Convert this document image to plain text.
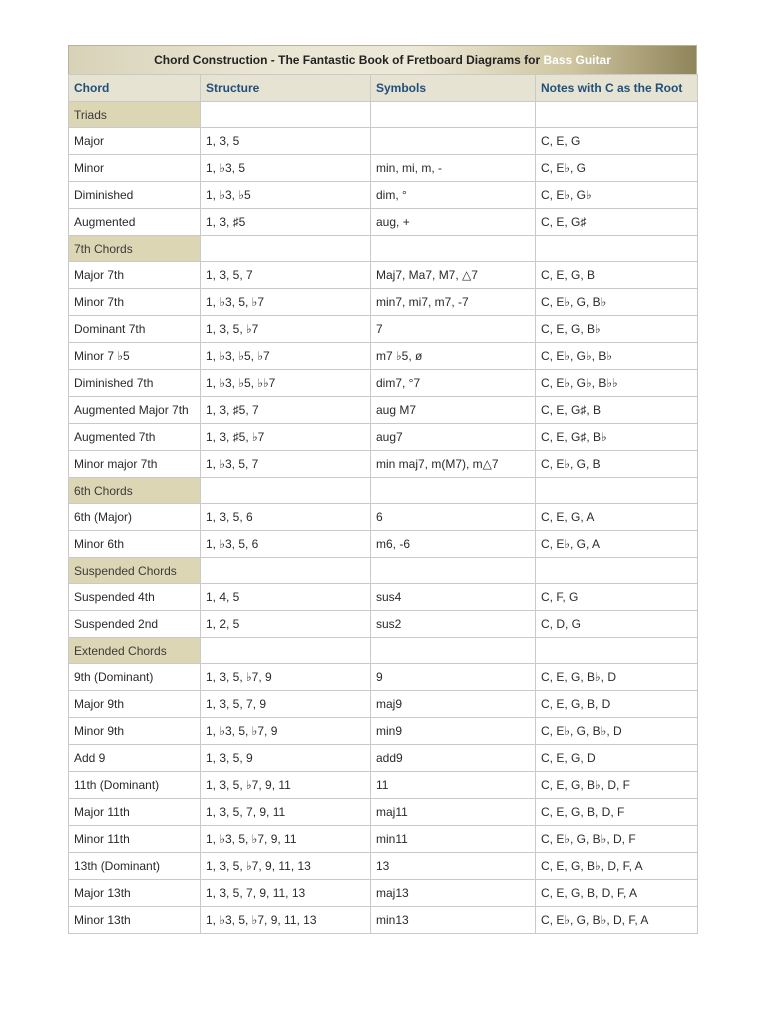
Chord Construction - The Fantastic Book of Fretboard Diagrams for Bass Guitar
Chord	Structure	Symbols	Notes with C as the Root
Triads			
Major	1, 3, 5		C, E, G
Minor	1, ♭3, 5	min, mi, m, -	C, E♭, G
Diminished	1, ♭3, ♭5	dim, °	C, E♭, G♭
Augmented	1, 3, ♯5	aug, +	C, E, G♯
7th Chords			
Major 7th	1, 3, 5, 7	Maj7, Ma7, M7, △7	C, E, G, B
Minor 7th	1, ♭3, 5, ♭7	min7, mi7, m7, -7	C, E♭, G, B♭
Dominant 7th	1, 3, 5, ♭7	7	C, E, G, B♭
Minor 7 ♭5	1, ♭3, ♭5, ♭7	m7 ♭5, ø	C, E♭, G♭, B♭
Diminished 7th	1, ♭3, ♭5, ♭♭7	dim7, °7	C, E♭, G♭, B♭♭
Augmented Major 7th	1, 3, ♯5, 7	aug M7	C, E, G♯, B
Augmented 7th	1, 3, ♯5, ♭7	aug7	C, E, G♯, B♭
Minor major 7th	1, ♭3, 5, 7	min maj7, m(M7), m△7	C, E♭, G, B
6th Chords			
6th (Major)	1, 3, 5, 6	6	C, E, G, A
Minor 6th	1, ♭3, 5, 6	m6, -6	C, E♭, G, A
Suspended Chords			
Suspended 4th	1, 4, 5	sus4	C, F, G
Suspended 2nd	1, 2, 5	sus2	C, D, G
Extended Chords			
9th (Dominant)	1, 3, 5, ♭7, 9	9	C, E, G, B♭, D
Major 9th	1, 3, 5, 7, 9	maj9	C, E, G, B, D
Minor 9th	1, ♭3, 5, ♭7, 9	min9	C, E♭, G, B♭, D
Add 9	1, 3, 5, 9	add9	C, E, G, D
11th (Dominant)	1, 3, 5, ♭7, 9, 11	11	C, E, G, B♭, D, F
Major 11th	1, 3, 5, 7, 9, 11	maj11	C, E, G, B, D, F
Minor 11th	1, ♭3, 5, ♭7, 9, 11	min11	C, E♭, G, B♭, D, F
13th (Dominant)	1, 3, 5, ♭7, 9, 11, 13	13	C, E, G, B♭, D, F, A
Major 13th	1, 3, 5, 7, 9, 11, 13	maj13	C, E, G, B, D, F, A
Minor 13th	1, ♭3, 5, ♭7, 9, 11, 13	min13	C, E♭, G, B♭, D, F, A
